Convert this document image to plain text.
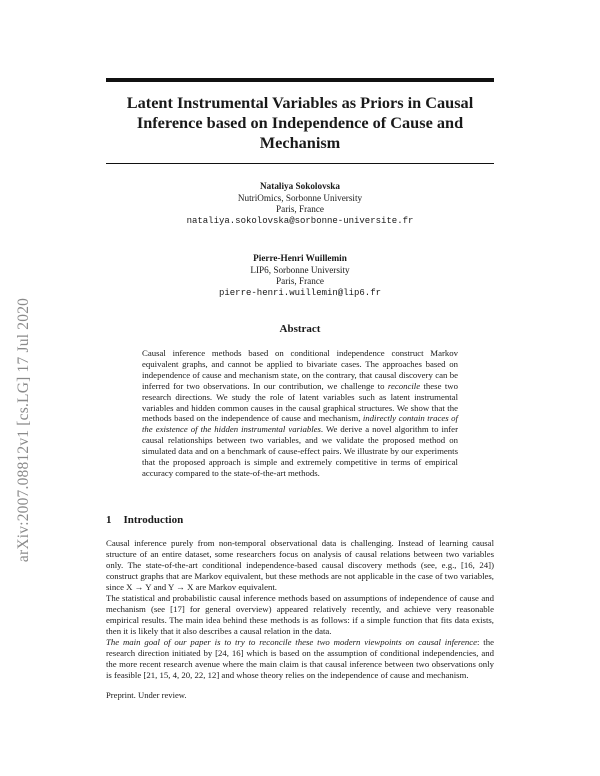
arXiv:2007.08812v1 [cs.LG] 17 Jul 2020
Latent Instrumental Variables as Priors in Causal Inference based on Independence of Cause and Mechanism
Nataliya Sokolovska
NutriOmics, Sorbonne University
Paris, France
nataliya.sokolovska@sorbonne-universite.fr
Pierre-Henri Wuillemin
LIP6, Sorbonne University
Paris, France
pierre-henri.wuillemin@lip6.fr
Abstract

Causal inference methods based on conditional independence construct Markov equivalent graphs, and cannot be applied to bivariate cases. The approaches based on independence of cause and mechanism state, on the contrary, that causal discovery can be inferred for two observations. In our contribution, we challenge to reconcile these two research directions. We study the role of latent variables such as latent instrumental variables and hidden common causes in the causal graphical structures. We show that the methods based on the independence of cause and mechanism, indirectly contain traces of the existence of the hidden instrumental variables. We derive a novel algorithm to infer causal relationships between two variables, and we validate the proposed method on simulated data and on a benchmark of cause-effect pairs. We illustrate by our experiments that the proposed approach is simple and extremely competitive in terms of empirical accuracy compared to the state-of-the-art methods.

1 Introduction

Causal inference purely from non-temporal observational data is challenging. Instead of learning causal structure of an entire dataset, some researchers focus on analysis of causal relations between two variables only. The state-of-the-art conditional independence-based causal discovery methods (see, e.g., [16, 24]) construct graphs that are Markov equivalent, but these methods are not applicable in the case of two variables, since X → Y and Y → X are Markov equivalent.

The statistical and probabilistic causal inference methods based on assumptions of independence of cause and mechanism (see [17] for general overview) appeared relatively recently, and achieve very reasonable empirical results. The main idea behind these methods is as follows: if a simple function that fits data exists, then it is likely that it also describes a causal relation in the data.

The main goal of our paper is to try to reconcile these two modern viewpoints on causal inference: the research direction initiated by [24, 16] which is based on the assumption of conditional independencies, and the more recent research avenue where the main claim is that causal inference between two observations only is feasible [21, 15, 4, 20, 22, 12] and whose theory relies on the independence of cause and mechanism.

Preprint. Under review.
